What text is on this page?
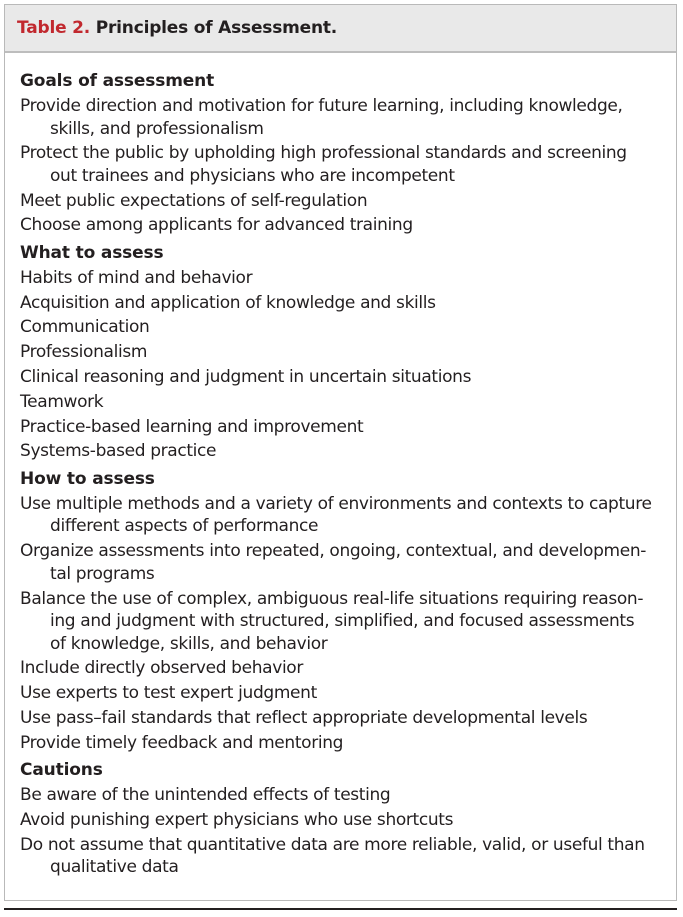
Table 2. Principles of Assessment.
Goals of assessment
Provide direction and motivation for future learning, including knowledge,
skills, and professionalism
Protect the public by upholding high professional standards and screening
out trainees and physicians who are incompetent
Meet public expectations of self-regulation
Choose among applicants for advanced training
What to assess
Habits of mind and behavior
Acquisition and application of knowledge and skills
Communication
Professionalism
Clinical reasoning and judgment in uncertain situations
Teamwork
Practice-based learning and improvement
Systems-based practice
How to assess
Use multiple methods and a variety of environments and contexts to capture
different aspects of performance
Organize assessments into repeated, ongoing, contextual, and developmen-
tal programs
Balance the use of complex, ambiguous real-life situations requiring reason-
ing and judgment with structured, simplified, and focused assessments
of knowledge, skills, and behavior
Include directly observed behavior
Use experts to test expert judgment
Use pass–fail standards that reflect appropriate developmental levels
Provide timely feedback and mentoring
Cautions
Be aware of the unintended effects of testing
Avoid punishing expert physicians who use shortcuts
Do not assume that quantitative data are more reliable, valid, or useful than
qualitative data
